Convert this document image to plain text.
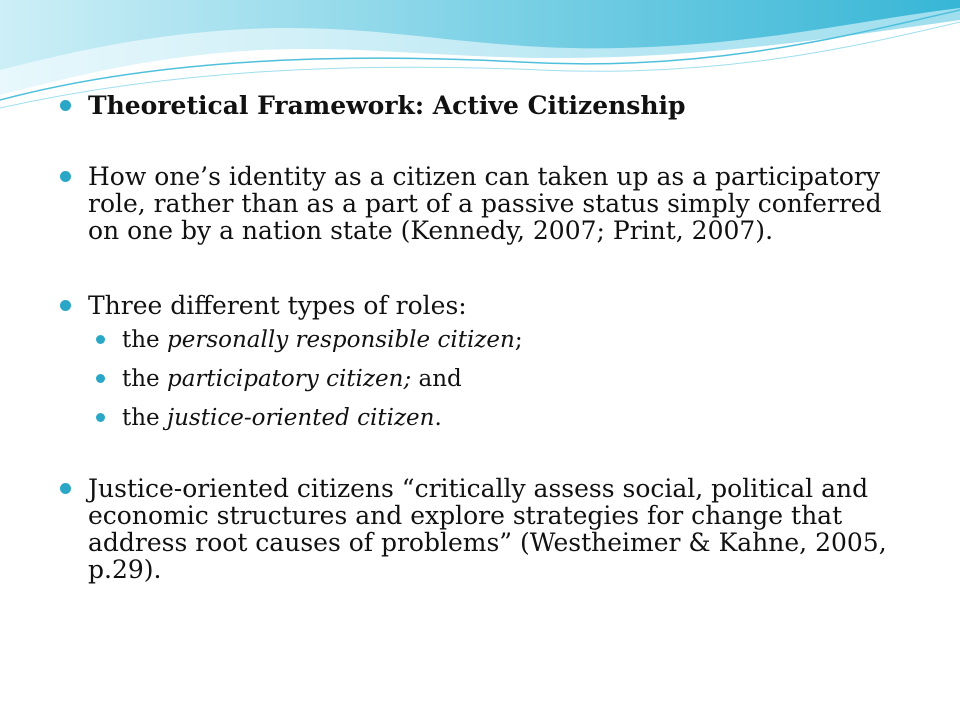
Theoretical Framework: Active Citizenship
How one’s identity as a citizen can taken up as a participatory role, rather than as a part of a passive status simply conferred on one by a nation state (Kennedy, 2007; Print, 2007).
Three different types of roles:
the personally responsible citizen;
the participatory citizen; and
the justice-oriented citizen.
Justice-oriented citizens “critically assess social, political and economic structures and explore strategies for change that address root causes of problems” (Westheimer & Kahne, 2005, p.29).
